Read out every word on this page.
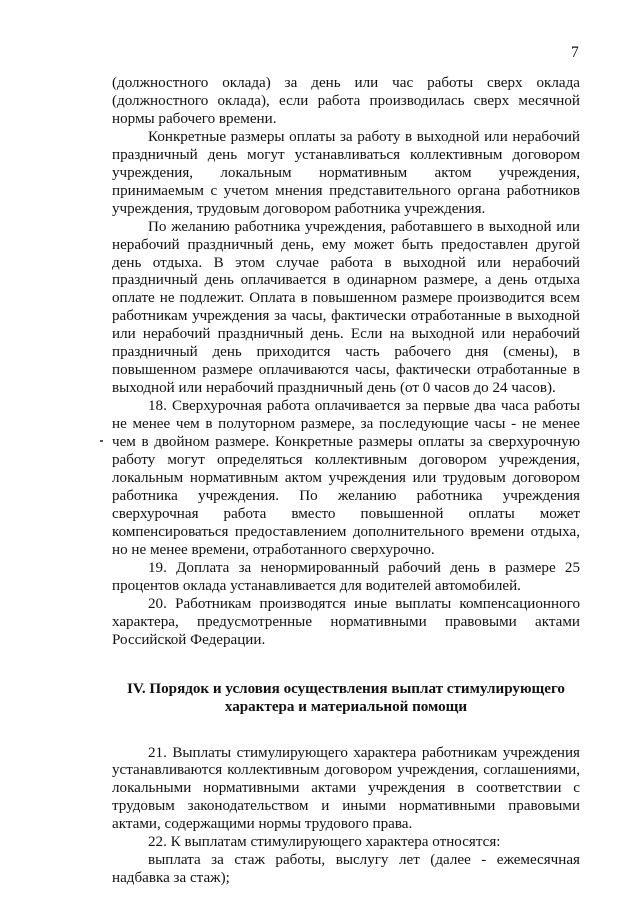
7

(должностного оклада) за день или час работы сверх оклада (должностного оклада), если работа производилась сверх месячной нормы рабочего времени.

Конкретные размеры оплаты за работу в выходной или нерабочий праздничный день могут устанавливаться коллективным договором учреждения, локальным нормативным актом учреждения, принимаемым с учетом мнения представительного органа работников учреждения, трудовым договором работника учреждения.

По желанию работника учреждения, работавшего в выходной или нерабочий праздничный день, ему может быть предоставлен другой день отдыха. В этом случае работа в выходной или нерабочий праздничный день оплачивается в одинарном размере, а день отдыха оплате не подлежит. Оплата в повышенном размере производится всем работникам учреждения за часы, фактически отработанные в выходной или нерабочий праздничный день. Если на выходной или нерабочий праздничный день приходится часть рабочего дня (смены), в повышенном размере оплачиваются часы, фактически отработанные в выходной или нерабочий праздничный день (от 0 часов до 24 часов).

18. Сверхурочная работа оплачивается за первые два часа работы не менее чем в полуторном размере, за последующие часы - не менее чем в двойном размере. Конкретные размеры оплаты за сверхурочную работу могут определяться коллективным договором учреждения, локальным нормативным актом учреждения или трудовым договором работника учреждения. По желанию работника учреждения сверхурочная работа вместо повышенной оплаты может компенсироваться предоставлением дополнительного времени отдыха, но не менее времени, отработанного сверхурочно.

19. Доплата за ненормированный рабочий день в размере 25 процентов оклада устанавливается для водителей автомобилей.

20. Работникам производятся иные выплаты компенсационного характера, предусмотренные нормативными правовыми актами Российской Федерации.

IV. Порядок и условия осуществления выплат стимулирующего
характера и материальной помощи

21. Выплаты стимулирующего характера работникам учреждения устанавливаются коллективным договором учреждения, соглашениями, локальными нормативными актами учреждения в соответствии с трудовым законодательством и иными нормативными правовыми актами, содержащими нормы трудового права.

22. К выплатам стимулирующего характера относятся:

выплата за стаж работы, выслугу лет (далее - ежемесячная надбавка за стаж);
